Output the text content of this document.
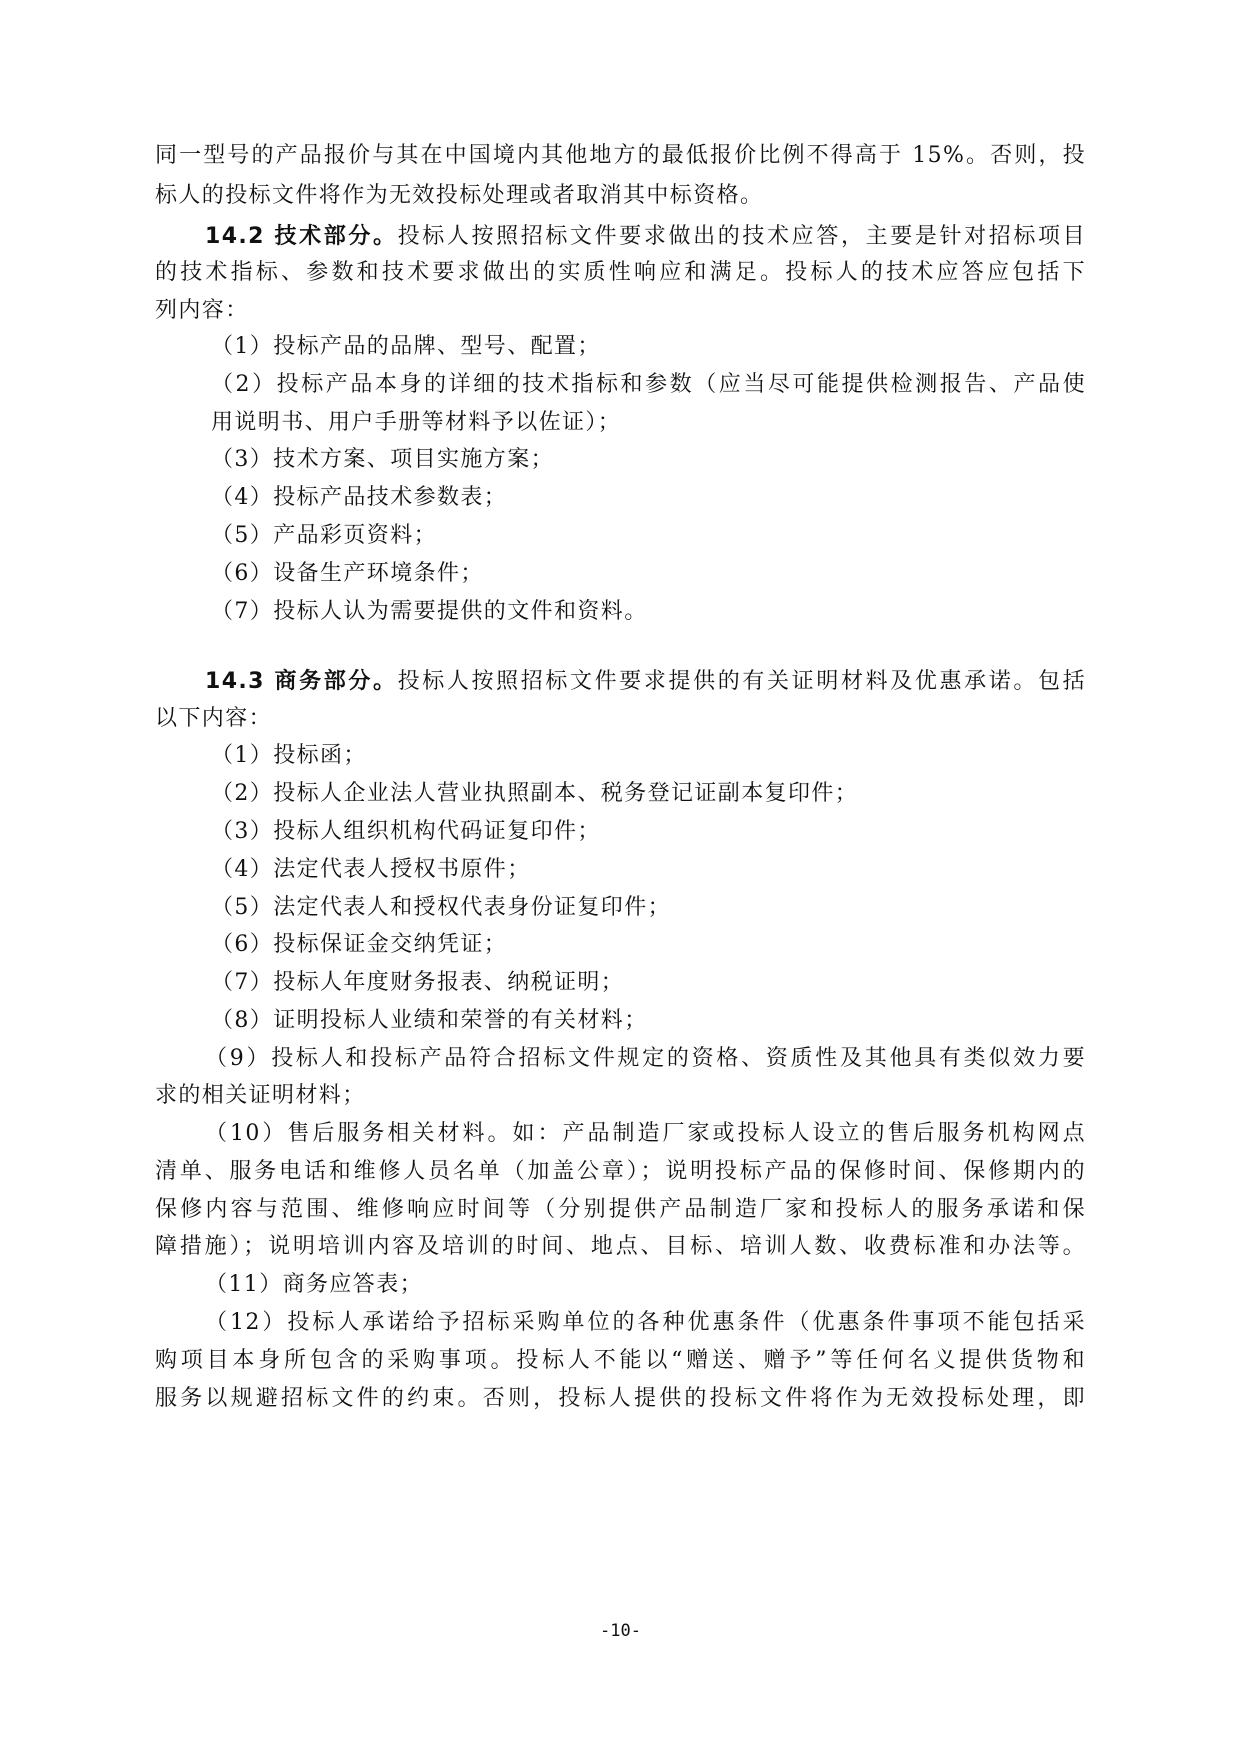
同一型号的产品报价与其在中国境内其他地方的最低报价比例不得高于 15%。否则，投
标人的投标文件将作为无效投标处理或者取消其中标资格。
14.2 技术部分。投标人按照招标文件要求做出的技术应答，主要是针对招标项目
的技术指标、参数和技术要求做出的实质性响应和满足。投标人的技术应答应包括下
列内容：
（1）投标产品的品牌、型号、配置；
（2）投标产品本身的详细的技术指标和参数（应当尽可能提供检测报告、产品使
用说明书、用户手册等材料予以佐证）；
（3）技术方案、项目实施方案；
（4）投标产品技术参数表；
（5）产品彩页资料；
（6）设备生产环境条件；
（7）投标人认为需要提供的文件和资料。
14.3 商务部分。投标人按照招标文件要求提供的有关证明材料及优惠承诺。包括
以下内容：
（1）投标函；
（2）投标人企业法人营业执照副本、税务登记证副本复印件；
（3）投标人组织机构代码证复印件；
（4）法定代表人授权书原件；
（5）法定代表人和授权代表身份证复印件；
（6）投标保证金交纳凭证；
（7）投标人年度财务报表、纳税证明；
（8）证明投标人业绩和荣誉的有关材料；
（9）投标人和投标产品符合招标文件规定的资格、资质性及其他具有类似效力要
求的相关证明材料；
（10）售后服务相关材料。如：产品制造厂家或投标人设立的售后服务机构网点
清单、服务电话和维修人员名单（加盖公章）；说明投标产品的保修时间、保修期内的
保修内容与范围、维修响应时间等（分别提供产品制造厂家和投标人的服务承诺和保
障措施）；说明培训内容及培训的时间、地点、目标、培训人数、收费标准和办法等。
（11）商务应答表；
（12）投标人承诺给予招标采购单位的各种优惠条件（优惠条件事项不能包括采
购项目本身所包含的采购事项。投标人不能以“赠送、赠予”等任何名义提供货物和
服务以规避招标文件的约束。否则，投标人提供的投标文件将作为无效投标处理，即
-10-
